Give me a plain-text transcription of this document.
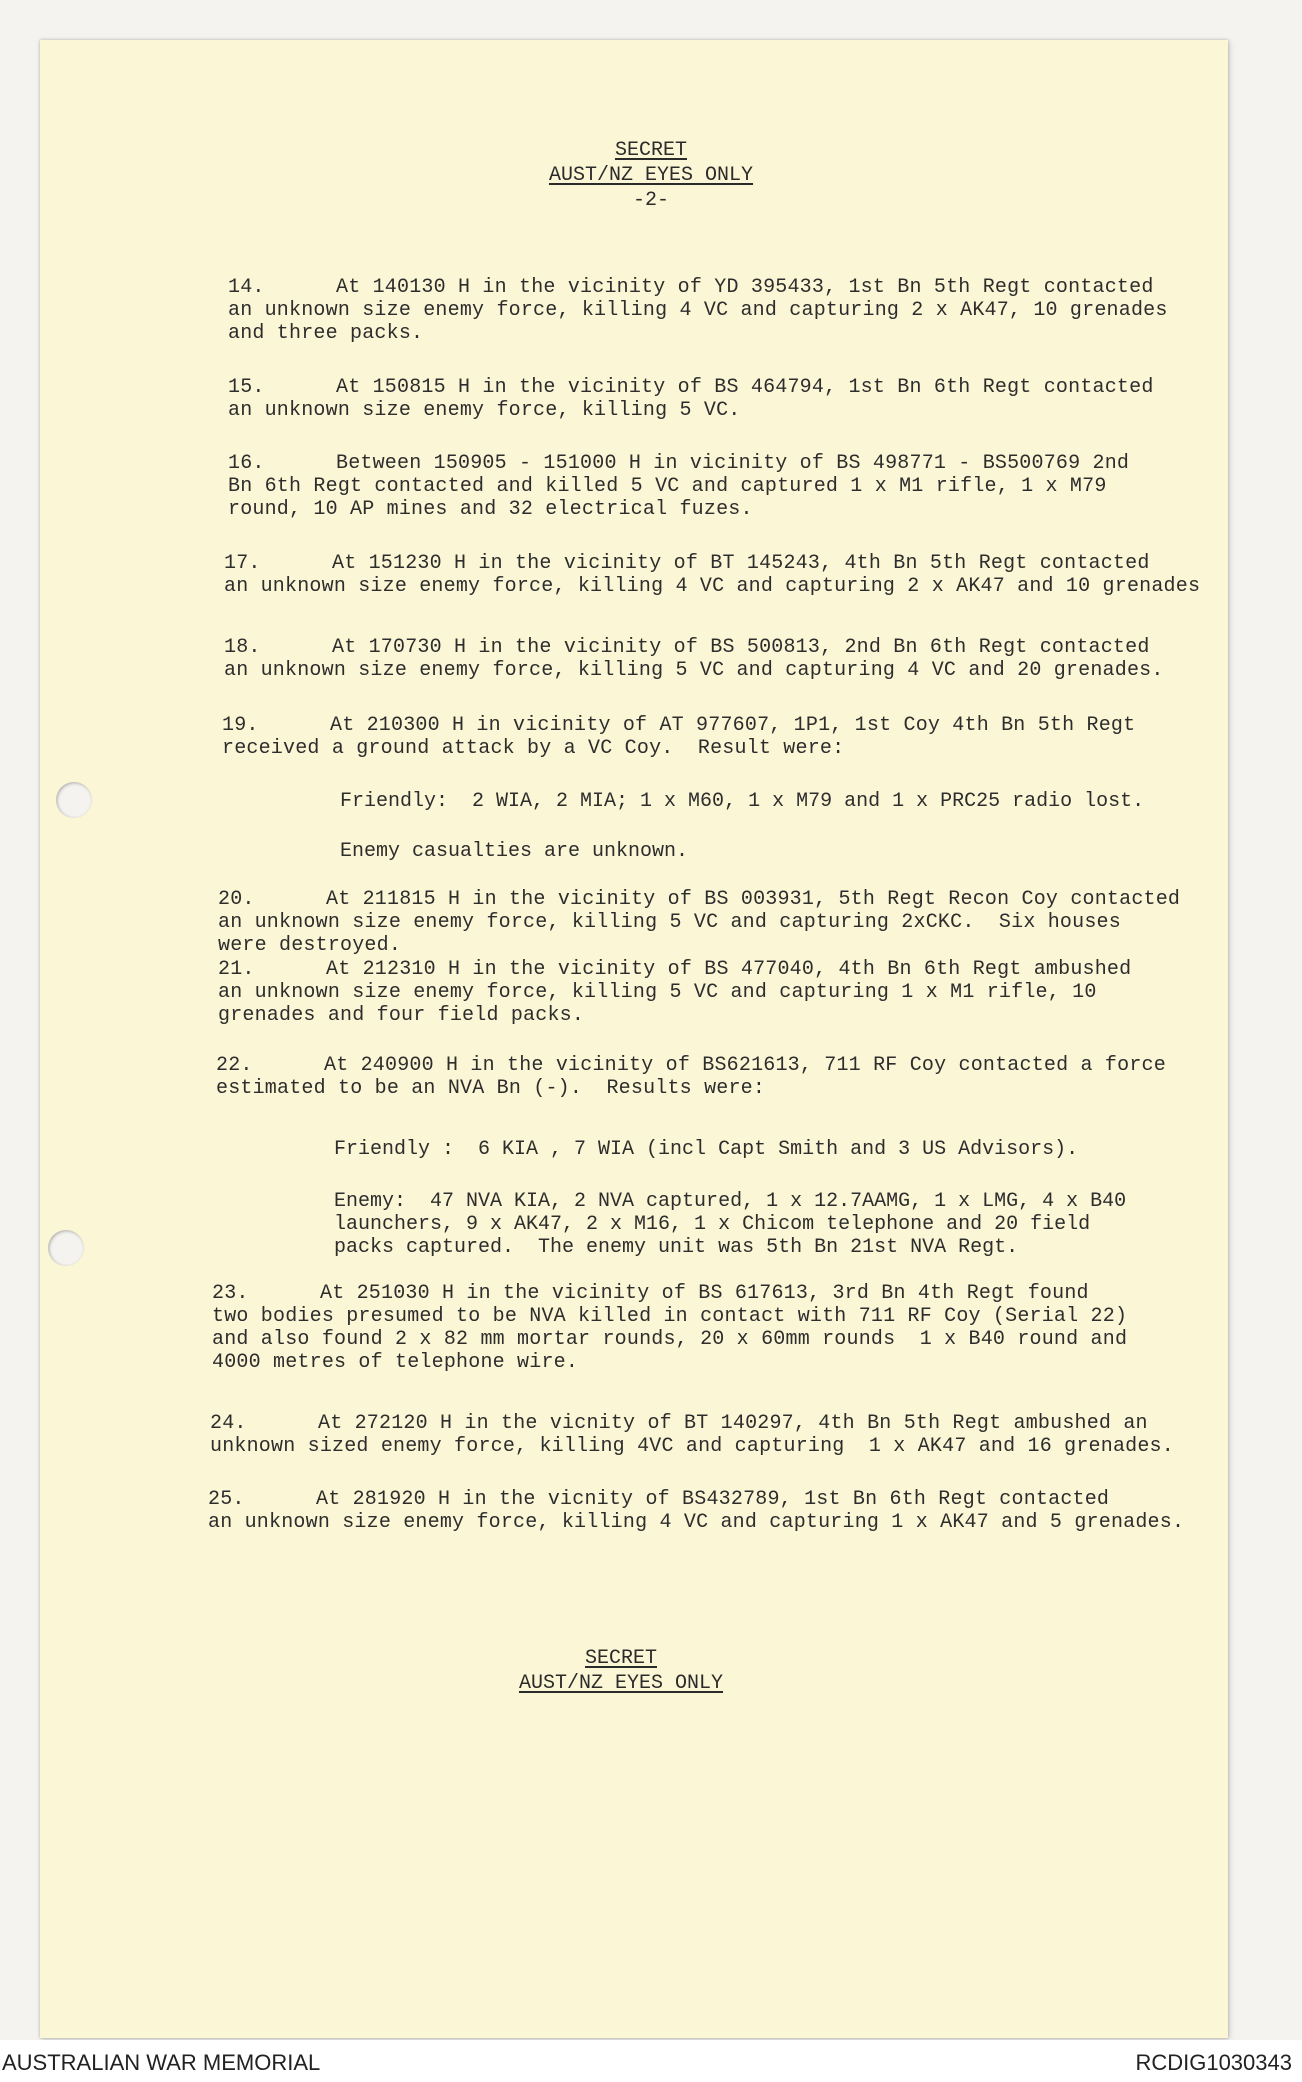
SECRET
AUST/NZ EYES ONLY
-2-
14.	At 140130 H in the vicinity of YD 395433, 1st Bn 5th Regt contacted
an unknown size enemy force, killing 4 VC and capturing 2 x AK47, 10 grenades
and three packs.
15.	At 150815 H in the vicinity of BS 464794, 1st Bn 6th Regt contacted
an unknown size enemy force, killing 5 VC.
16.	Between 150905 - 151000 H in vicinity of BS 498771 - BS500769 2nd
Bn 6th Regt contacted and killed 5 VC and captured 1 x M1 rifle, 1 x M79
round, 10 AP mines and 32 electrical fuzes.
17.	At 151230 H in the vicinity of BT 145243, 4th Bn 5th Regt contacted
an unknown size enemy force, killing 4 VC and capturing 2 x AK47 and 10 grenades
18.	At 170730 H in the vicinity of BS 500813, 2nd Bn 6th Regt contacted
an unknown size enemy force, killing 5 VC and capturing 4 VC and 20 grenades.
19.	At 210300 H in vicinity of AT 977607, 1P1, 1st Coy 4th Bn 5th Regt
received a ground attack by a VC Coy.  Result were:
20.	At 211815 H in the vicinity of BS 003931, 5th Regt Recon Coy contacted
an unknown size enemy force, killing 5 VC and capturing 2xCKC.  Six houses
were destroyed.
21.	At 212310 H in the vicinity of BS 477040, 4th Bn 6th Regt ambushed
an unknown size enemy force, killing 5 VC and capturing 1 x M1 rifle, 10
grenades and four field packs.
22.	At 240900 H in the vicinity of BS621613, 711 RF Coy contacted a force
estimated to be an NVA Bn (-).  Results were:
23.	At 251030 H in the vicinity of BS 617613, 3rd Bn 4th Regt found
two bodies presumed to be NVA killed in contact with 711 RF Coy (Serial 22)
and also found 2 x 82 mm mortar rounds, 20 x 60mm rounds  1 x B40 round and
4000 metres of telephone wire.
24.	At 272120 H in the vicnity of BT 140297, 4th Bn 5th Regt ambushed an
unknown sized enemy force, killing 4VC and capturing  1 x AK47 and 16 grenades.
25.	At 281920 H in the vicnity of BS432789, 1st Bn 6th Regt contacted
an unknown size enemy force, killing 4 VC and capturing 1 x AK47 and 5 grenades.
Friendly:  2 WIA, 2 MIA; 1 x M60, 1 x M79 and 1 x PRC25 radio lost.
Enemy casualties are unknown.
Friendly :  6 KIA , 7 WIA (incl Capt Smith and 3 US Advisors).
Enemy:  47 NVA KIA, 2 NVA captured, 1 x 12.7AAMG, 1 x LMG, 4 x B40
launchers, 9 x AK47, 2 x M16, 1 x Chicom telephone and 20 field
packs captured.  The enemy unit was 5th Bn 21st NVA Regt.
SECRET
AUST/NZ EYES ONLY
AUSTRALIAN WAR MEMORIAL	RCDIG1030343
